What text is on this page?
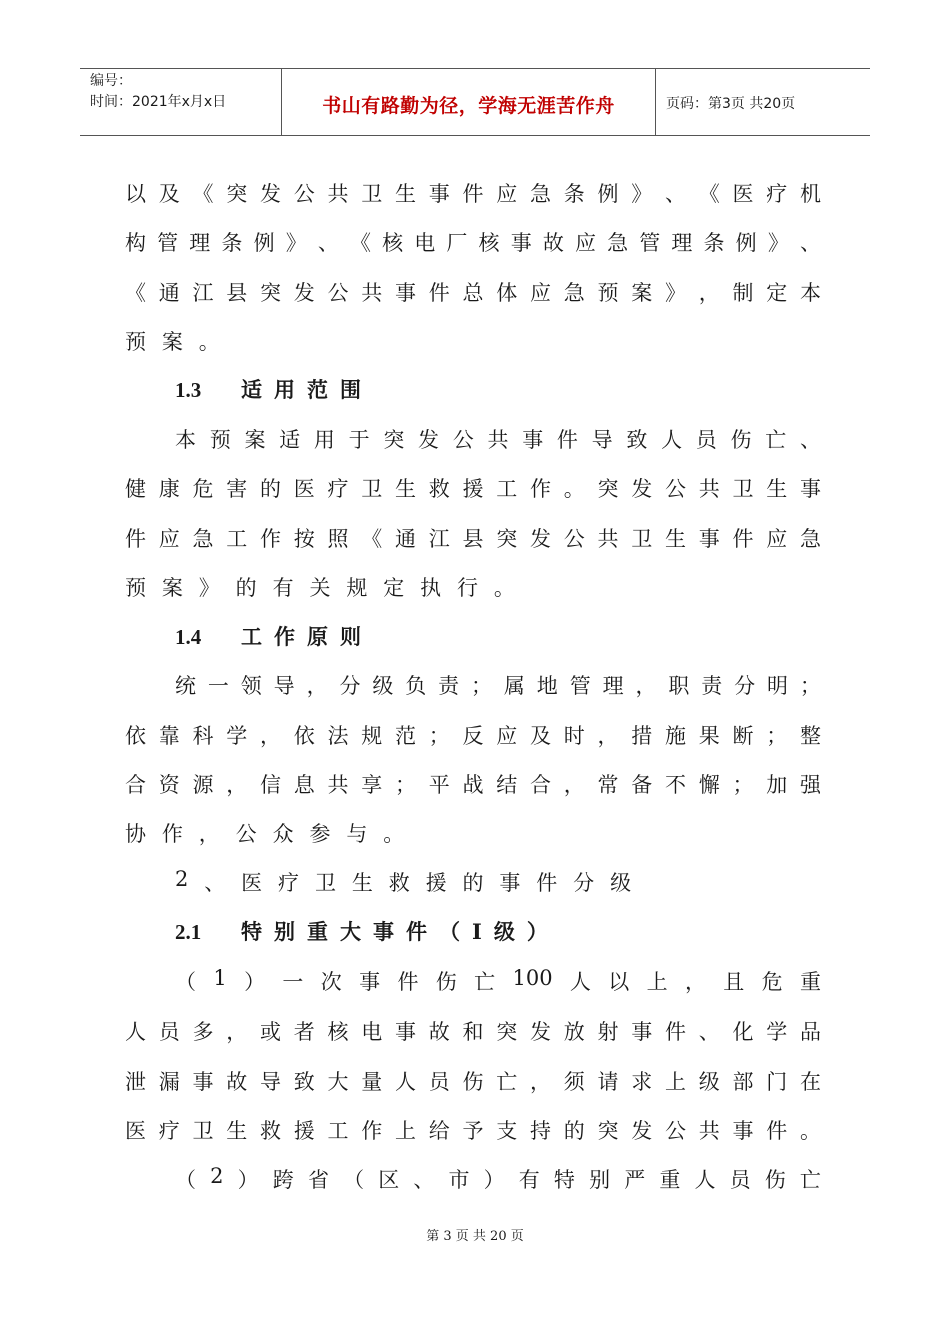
编号：
时间：2021年x月x日	书山有路勤为径，学海无涯苦作舟	页码：第3页 共20页
以 及 《 突 发 公 共 卫 生 事 件 应 急 条 例 》 、 《 医 疗 机
构 管 理 条 例 》 、 《 核 电 厂 核 事 故 应 急 管 理 条 例 》 、
《 通 江 县 突 发 公 共 事 件 总 体 应 急 预 案 》 ， 制 定 本
预 案 。
1.3 适用范围
本 预 案 适 用 于 突 发 公 共 事 件 导 致 人 员 伤 亡 、
健 康 危 害 的 医 疗 卫 生 救 援 工 作 。 突 发 公 共 卫 生 事
件 应 急 工 作 按 照 《 通 江 县 突 发 公 共 卫 生 事 件 应 急
预 案 》 的 有 关 规 定 执 行 。
1.4 工作原则
统 一 领 导 ， 分 级 负 责 ； 属 地 管 理 ， 职 责 分 明 ；
依 靠 科 学 ， 依 法 规 范 ； 反 应 及 时 ， 措 施 果 断 ； 整
合 资 源 ， 信 息 共 享 ； 平 战 结 合 ， 常 备 不 懈 ； 加 强
协 作 ， 公 众 参 与 。
2 、 医 疗 卫 生 救 援 的 事 件 分 级
2.1 特别重大事件（Ⅰ级）
（ 1 ） 一 次 事 件 伤 亡 100 人 以 上 ， 且 危 重
人 员 多 ， 或 者 核 电 事 故 和 突 发 放 射 事 件 、 化 学 品
泄 漏 事 故 导 致 大 量 人 员 伤 亡 ， 须 请 求 上 级 部 门 在
医 疗 卫 生 救 援 工 作 上 给 予 支 持 的 突 发 公 共 事 件 。
（ 2 ） 跨 省 （ 区 、 市 ） 有 特 别 严 重 人 员 伤 亡
第 3 页 共 20 页
